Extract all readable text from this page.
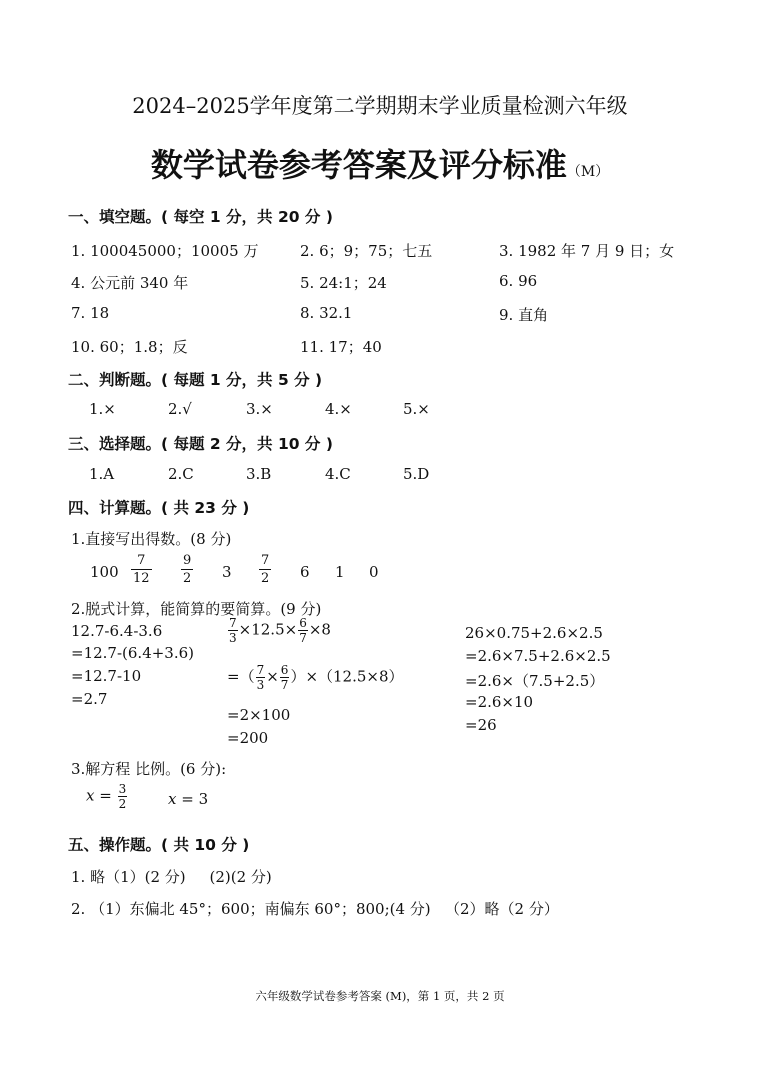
2024–2025学年度第二学期期末学业质量检测六年级
数学试卷参考答案及评分标准（M）
一、填空题。( 每空 1 分，共 20 分 )
1. 100045000；10005 万	2. 6；9；75；七五	3. 1982 年 7 月 9 日；女
4. 公元前 340 年	5. 24:1；24	6. 96
7. 18	8. 32.1	9. 直角
10. 60；1.8；反	11. 17；40
二、判断题。( 每题 1 分，共 5 分 )
1.×	2.√	3.×	4.×	5.×
三、选择题。( 每题 2 分，共 10 分 )
1.A	2.C	3.B	4.C	5.D
四、计算题。( 共 23 分 )
1.直接写出得数。(8 分)
$100 \frac{7}{12} \frac{9}{2} 3 \frac{7}{2} 6$ 1 0
2.脱式计算，能简算的要简算。(9 分)
12.7-6.4-3.6
=12.7-(6.4+3.6)
=12.7-10
=2.7
$\frac{7}{3} \times 12.5\times \frac{6}{7} \times 8$
=（ $\frac{7}{3} \times \frac{6}{7} )\times(12.5\times 8)$
=2×100
=200
26×0.75+2.6×2.5
=2.6×7.5+2.6×2.5
=2.6×（7.5+2.5）
=2.6×10
=26
3.解方程 比例。(6 分):
$x = \frac{3}{2}$	x = 3
五、操作题。( 共 10 分 )
1. 略（1）(2 分)     (2)(2 分)
2. （1）东偏北 45°；600；南偏东 60°；800;(4 分)   （2）略（2 分）
六年级数学试卷参考答案 (M)，第 1 页，共 2 页
